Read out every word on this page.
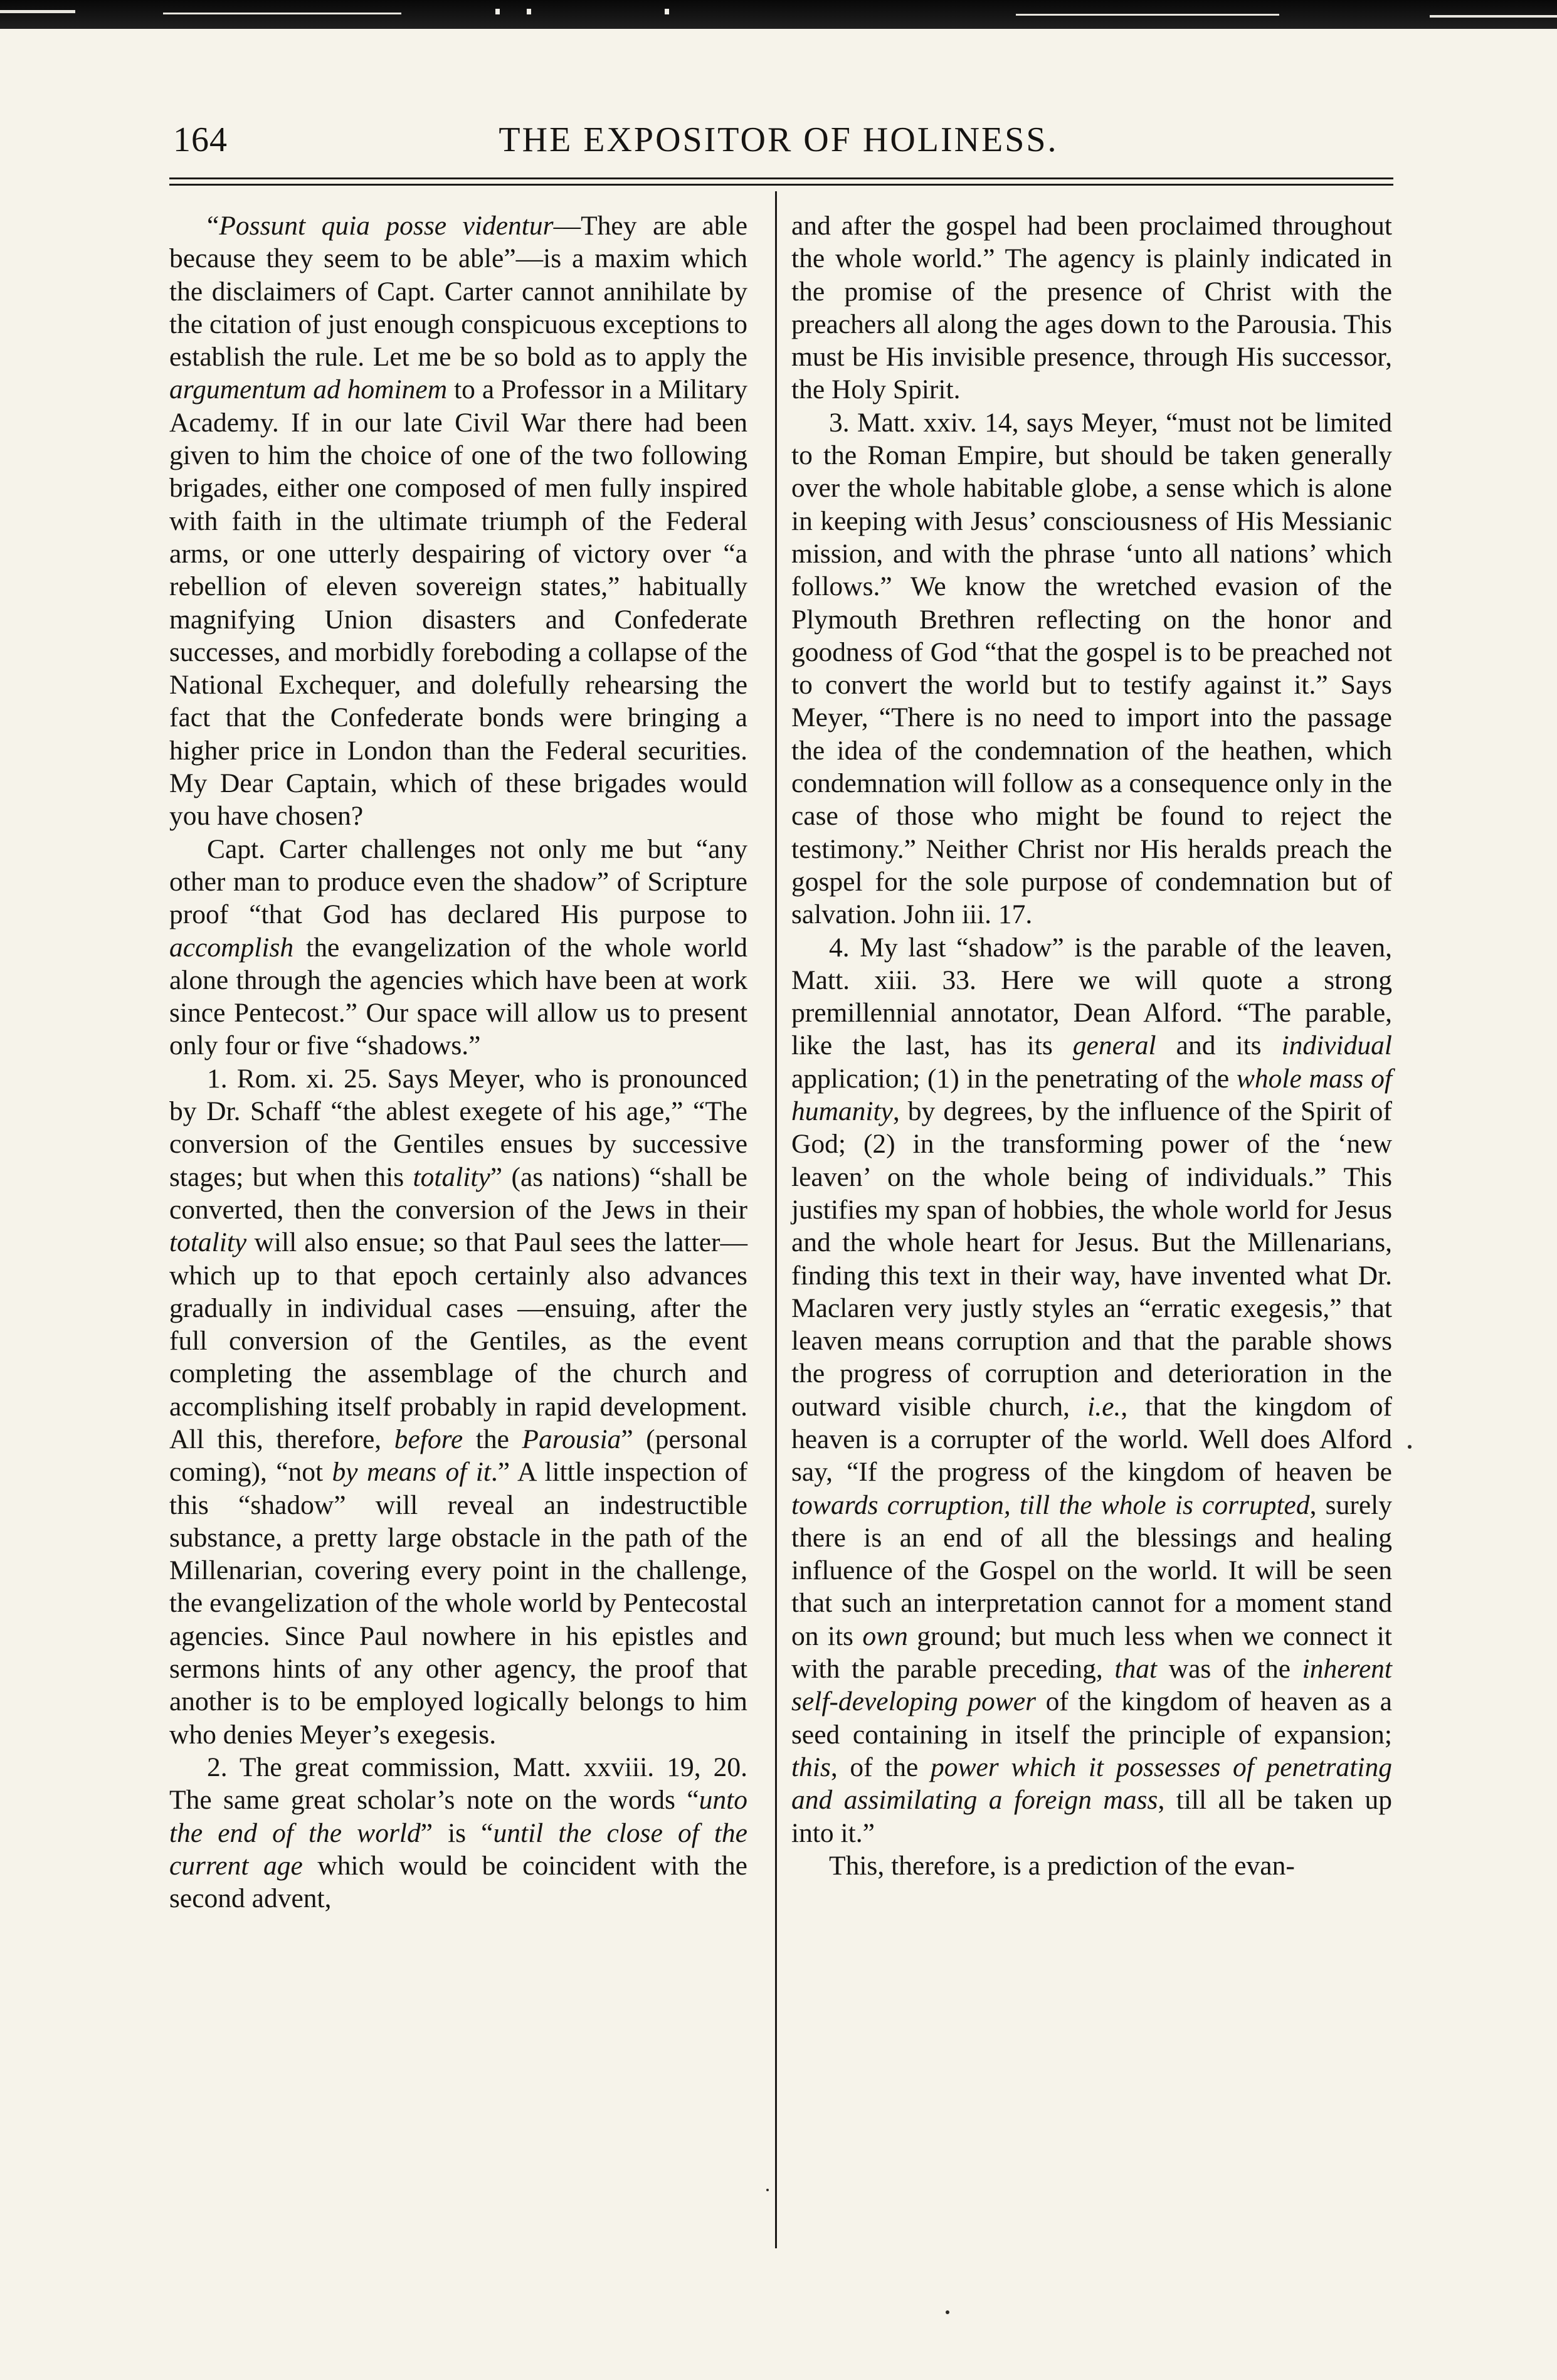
164	THE EXPOSITOR OF HOLINESS.

“Possunt quia posse videntur—They are able because they seem to be able”—is a maxim which the disclaimers of Capt. Carter cannot annihilate by the citation of just enough conspicuous exceptions to establish the rule. Let me be so bold as to apply the argumentum ad hominem to a Professor in a Military Academy. If in our late Civil War there had been given to him the choice of one of the two following brigades, either one composed of men fully inspired with faith in the ultimate triumph of the Federal arms, or one utterly despairing of victory over “a rebellion of eleven sovereign states,” habitually magnifying Union disasters and Confederate successes, and morbidly foreboding a collapse of the National Exchequer, and dolefully rehearsing the fact that the Confederate bonds were bringing a higher price in London than the Federal securities. My Dear Captain, which of these brigades would you have chosen?

Capt. Carter challenges not only me but “any other man to produce even the shadow” of Scripture proof “that God has declared His purpose to accomplish the evangelization of the whole world alone through the agencies which have been at work since Pentecost.” Our space will allow us to present only four or five “shadows.”

1. Rom. xi. 25. Says Meyer, who is pronounced by Dr. Schaff “the ablest exegete of his age,” “The conversion of the Gentiles ensues by successive stages; but when this totality” (as nations) “shall be converted, then the conversion of the Jews in their totality will also ensue; so that Paul sees the latter—which up to that epoch certainly also advances gradually in individual cases —ensuing, after the full conversion of the Gentiles, as the event completing the assemblage of the church and accomplishing itself probably in rapid development. All this, therefore, before the Parousia” (personal coming), “not by means of it.” A little inspection of this “shadow” will reveal an indestructible substance, a pretty large obstacle in the path of the Millenarian, covering every point in the challenge, the evangelization of the whole world by Pentecostal agencies. Since Paul nowhere in his epistles and sermons hints of any other agency, the proof that another is to be employed logically belongs to him who denies Meyer’s exegesis.

2. The great commission, Matt. xxviii. 19, 20. The same great scholar’s note on the words “unto the end of the world” is “until the close of the current age which would be coincident with the second advent,

and after the gospel had been proclaimed throughout the whole world.” The agency is plainly indicated in the promise of the presence of Christ with the preachers all along the ages down to the Parousia. This must be His invisible presence, through His successor, the Holy Spirit.

3. Matt. xxiv. 14, says Meyer, “must not be limited to the Roman Empire, but should be taken generally over the whole habitable globe, a sense which is alone in keeping with Jesus’ consciousness of His Messianic mission, and with the phrase ‘unto all nations’ which follows.” We know the wretched evasion of the Plymouth Brethren reflecting on the honor and goodness of God “that the gospel is to be preached not to convert the world but to testify against it.” Says Meyer, “There is no need to import into the passage the idea of the condemnation of the heathen, which condemnation will follow as a consequence only in the case of those who might be found to reject the testimony.” Neither Christ nor His heralds preach the gospel for the sole purpose of condemnation but of salvation. John iii. 17.

4. My last “shadow” is the parable of the leaven, Matt. xiii. 33. Here we will quote a strong premillennial annotator, Dean Alford. “The parable, like the last, has its general and its individual application; (1) in the penetrating of the whole mass of humanity, by degrees, by the influence of the Spirit of God; (2) in the transforming power of the ‘new leaven’ on the whole being of individuals.” This justifies my span of hobbies, the whole world for Jesus and the whole heart for Jesus. But the Millenarians, finding this text in their way, have invented what Dr. Maclaren very justly styles an “erratic exegesis,” that leaven means corruption and that the parable shows the progress of corruption and deterioration in the outward visible church, i.e., that the kingdom of heaven is a corrupter of the world. Well does Alford say, “If the progress of the kingdom of heaven be towards corruption, till the whole is corrupted, surely there is an end of all the blessings and healing influence of the Gospel on the world. It will be seen that such an interpretation cannot for a moment stand on its own ground; but much less when we connect it with the parable preceding, that was of the inherent self-developing power of the kingdom of heaven as a seed containing in itself the principle of expansion; this, of the power which it possesses of penetrating and assimilating a foreign mass, till all be taken up into it.”

This, therefore, is a prediction of the evan-
